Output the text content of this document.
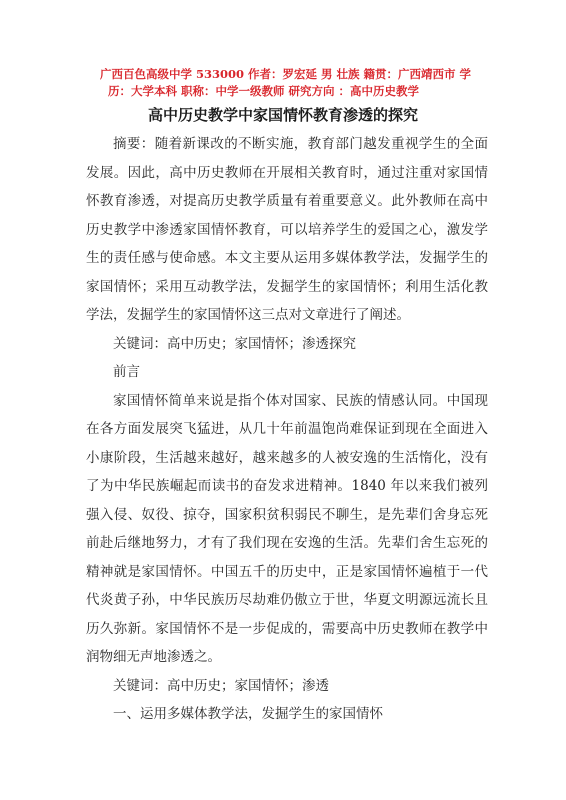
广西百色高级中学 533000 作者：罗宏延 男 壮族 籍贯：广西靖西市 学
历：大学本科 职称：中学一级教师 研究方向 ：高中历史教学
高中历史教学中家国情怀教育渗透的探究

摘要：随着新课改的不断实施，教育部门越发重视学生的全面发展。因此，高中历史教师在开展相关教育时，通过注重对家国情怀教育渗透，对提高历史教学质量有着重要意义。此外教师在高中历史教学中渗透家国情怀教育，可以培养学生的爱国之心，激发学生的责任感与使命感。本文主要从运用多媒体教学法，发掘学生的家国情怀；采用互动教学法，发掘学生的家国情怀；利用生活化教学法，发掘学生的家国情怀这三点对文章进行了阐述。

关键词：高中历史；家国情怀；渗透探究

前言

家国情怀简单来说是指个体对国家、民族的情感认同。中国现在各方面发展突飞猛进，从几十年前温饱尚难保证到现在全面进入小康阶段，生活越来越好，越来越多的人被安逸的生活惰化，没有了为中华民族崛起而读书的奋发求进精神。1840 年以来我们被列强入侵、奴役、掠夺，国家积贫积弱民不聊生，是先辈们舍身忘死前赴后继地努力，才有了我们现在安逸的生活。先辈们舍生忘死的精神就是家国情怀。中国五千的历史中，正是家国情怀遍植于一代代炎黄子孙，中华民族历尽劫难仍傲立于世，华夏文明源远流长且历久弥新。家国情怀不是一步促成的，需要高中历史教师在教学中润物细无声地渗透之。

关键词：高中历史；家国情怀；渗透

一、运用多媒体教学法，发掘学生的家国情怀
